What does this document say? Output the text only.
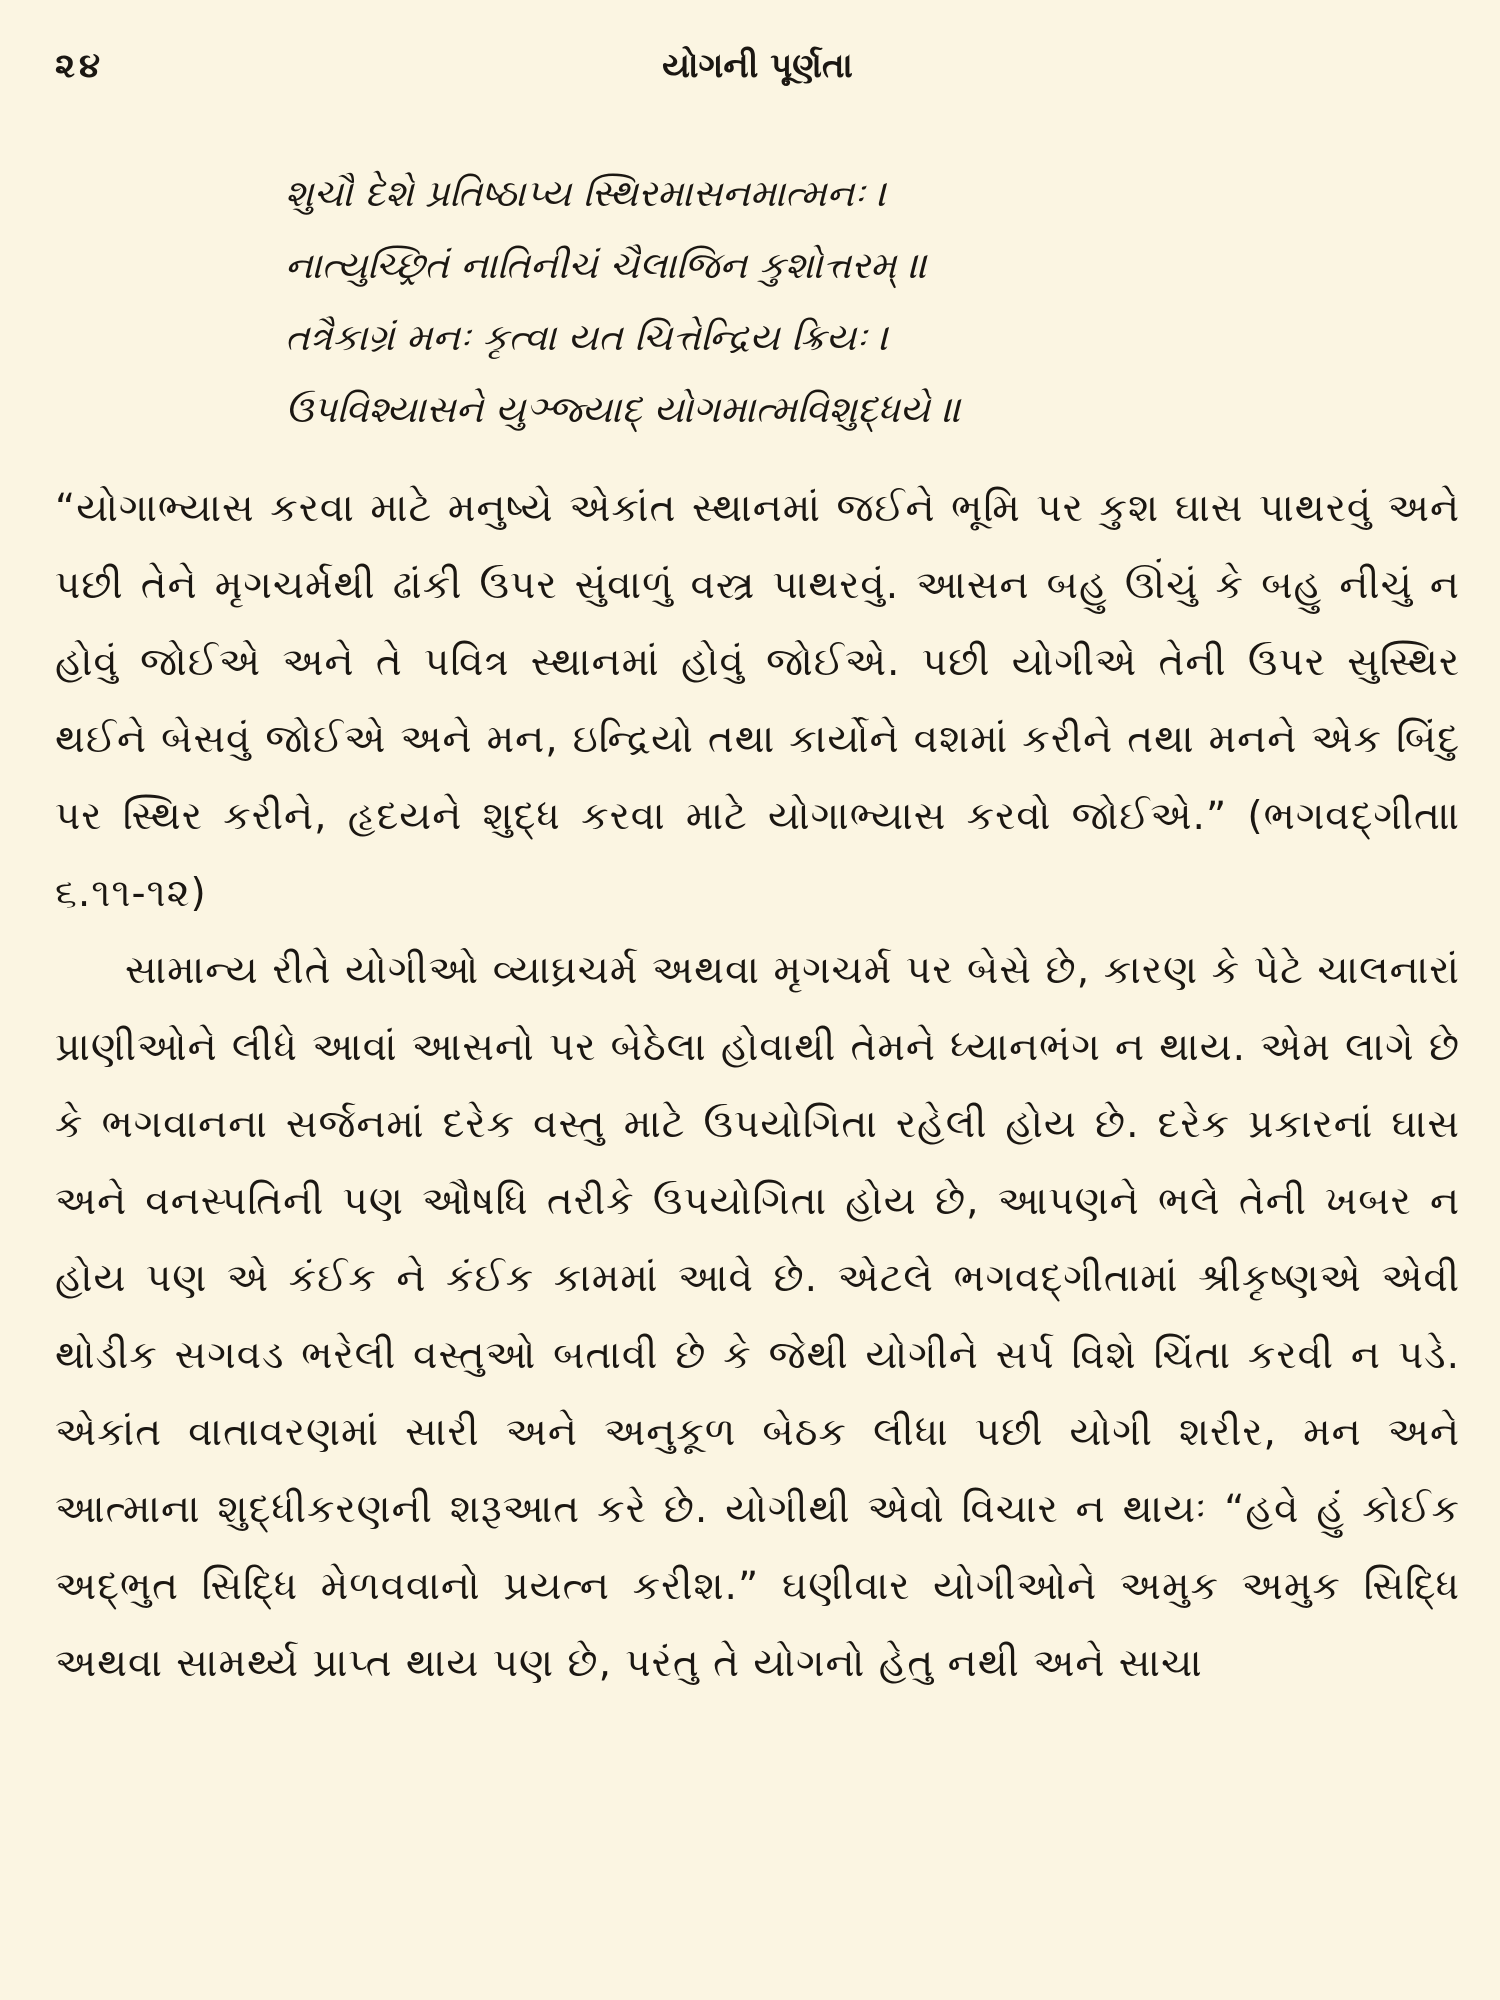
૨૪	યોગની પૂર્ણતા
શુચૌ દેશે પ્રતિષ્ઠાપ્ય સ્થિરમાસનમાત્મનઃ ।
નાત્યુચ્છ્રિતં નાતિનીચં ચૈલાજિન કુશોત્તરમ્ ॥
તત્રૈકાગ્રં મનઃ કૃત્વા યત ચિત્તેન્દ્રિય ક્રિયઃ ।
ઉપવિશ્યાસને યુઞ્જ્યાદ્ યોગમાત્મવિશુદ્ધયે ॥

“યોગાભ્યાસ કરવા માટે મનુષ્યે એકાંત સ્થાનમાં જઈને ભૂમિ પર કુશ ઘાસ પાથરવું અને પછી તેને મૃગચર્મથી ઢાંકી ઉપર સુંવાળું વસ્ત્ર પાથરવું. આસન બહુ ઊંચું કે બહુ નીચું ન હોવું જોઈએ અને તે પવિત્ર સ્થાનમાં હોવું જોઈએ. પછી યોગીએ તેની ઉપર સુસ્થિર થઈને બેસવું જોઈએ અને મન, ઇન્દ્રિયો તથા કાર્યોને વશમાં કરીને તથા મનને એક બિંદુ પર સ્થિર કરીને, હૃદયને શુદ્ધ કરવા માટે યોગાભ્યાસ કરવો જોઈએ.” (ભગવદ્ગીતાા ૬.૧૧-૧૨)

સામાન્ય રીતે યોગીઓ વ્યાઘ્રચર્મ અથવા મૃગચર્મ પર બેસે છે, કારણ કે પેટે ચાલનારાં પ્રાણીઓને લીધે આવાં આસનો પર બેઠેલા હોવાથી તેમને ધ્યાનભંગ ન થાય. એમ લાગે છે કે ભગવાનના સર્જનમાં દરેક વસ્તુ માટે ઉપયોગિતા રહેલી હોય છે. દરેક પ્રકારનાં ઘાસ અને વનસ્પતિની પણ ઔષધિ તરીકે ઉપયોગિતા હોય છે, આપણને ભલે તેની ખબર ન હોય પણ એ કંઈક ને કંઈક કામમાં આવે છે. એટલે ભગવદ્ગીતામાં શ્રીકૃષ્ણએ એવી થોડીક સગવડ ભરેલી વસ્તુઓ બતાવી છે કે જેથી યોગીને સર્પ વિશે ચિંતા કરવી ન પડે. એકાંત વાતાવરણમાં સારી અને અનુકૂળ બેઠક લીધા પછી યોગી શરીર, મન અને આત્માના શુદ્ધીકરણની શરૂઆત કરે છે. યોગીથી એવો વિચાર ન થાયઃ “હવે હું કોઈક અદ્ભુત સિદ્ધિ મેળવવાનો પ્રયત્ન કરીશ.” ઘણીવાર યોગીઓને અમુક અમુક સિદ્ધિ અથવા સામર્થ્ય પ્રાપ્ત થાય પણ છે, પરંતુ તે યોગનો હેતુ નથી અને સાચા
